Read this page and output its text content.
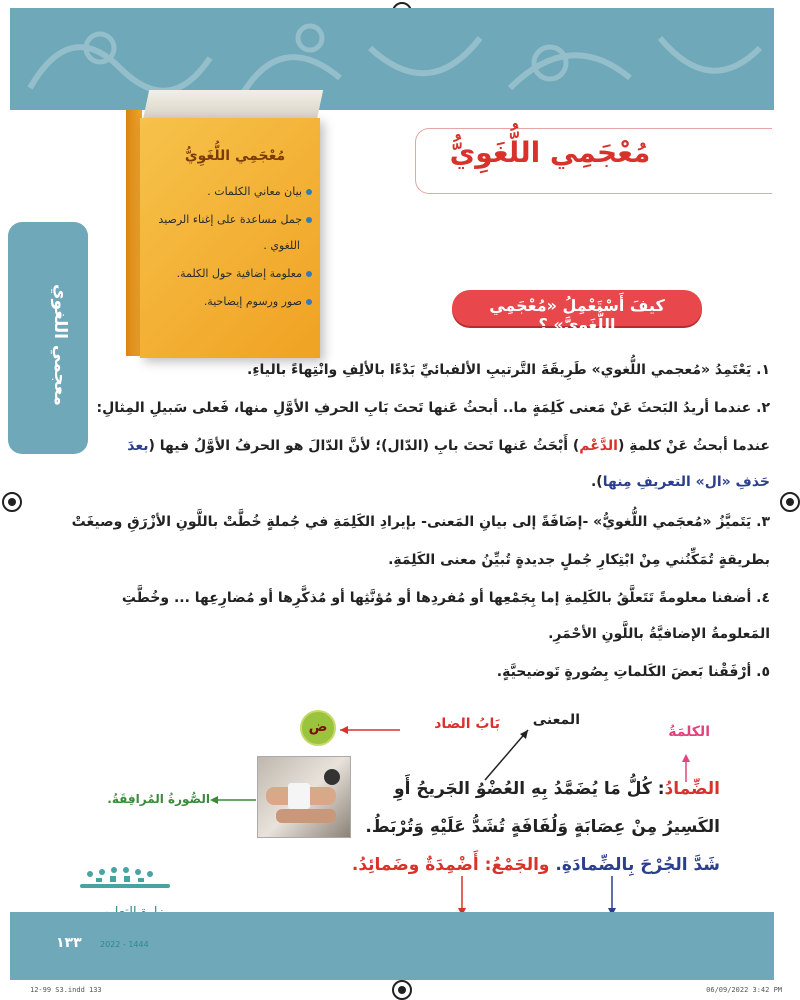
معجمي اللغوي
مُعْجَمِي اللُّغَوِيُّ
بيان معاني الكلمات .
جمل مساعدة على إغناء الرصيد
اللغوي .
معلومة إضافية حول الكلمة.
صور ورسوم إيضاحية.
مُعْجَمِي اللُّغَوِيُّ
كيفَ أَسْتَعْمِلُ «مُعْجَمِي اللُّغَوِيَّ» ؟
١. يَعْتَمِدُ «مُعجمي اللُّغوي» طَرِيقَةَ التَّرتيبِ الألفبائيِّ بَدْءًا بالألِفِ وانْتِهاءً بالياءِ.
٢. عندما أريدُ البَحثَ عَنْ مَعنى كَلِمَةٍ ما.. أبحثُ عَنها تَحتَ بَابِ الحرفِ الأوَّلِ منها، فَعلى سَبيلِ المِثالِ:
عندما أبحثُ عَنْ كلمةِ (الدَّعْم) أَبْحَثُ عَنها تَحتَ بابِ (الدّال)؛ لأنَّ الدّالَ هو الحرفُ الأوَّلُ فيها (بعدَ
حَذفِ «ال» التعريفِ مِنها).
٣. يَتَميَّزُ «مُعجَمي اللُّغويُّ» -إضَافَةً إلى بيانِ المَعنى- بإيرادِ الكَلِمَةِ في جُملةٍ خُطَّتْ باللَّونِ الأزْرَقِ وصيغَتْ
بطريقةٍ تُمَكِّنُني مِنْ ابْتِكارِ جُملٍ جديدةٍ تُبيِّنُ معنى الكَلِمَةِ.
٤. أضفنا معلومةً تَتَعلَّقُ بالكَلِمةِ إما بِجَمْعِها أو مُفردِها أو مُؤنَّثِها أو مُذكَّرِها أو مُضارِعِها ... وخُطَّتِ
المَعلومةُ الإضافيَّةُ باللَّونِ الأحْمَرِ.
٥. أرْفَقْنا بَعضَ الكَلماتِ بِصُورةٍ تَوضيحيَّةٍ.
ض	بَابُ الضاد	المعنى
الكلمَةُ
الصُّورةُ المُرافِقَةُ.	الضِّمادُ: كُلُّ مَا يُضَمَّدُ بِهِ العُضْوُ الجَريحُ أَوِ
الكَسِيرُ مِنْ عِصَابَةٍ وَلُفَافَةٍ تُشَدُّ عَلَيْهِ وَتُرْبَطُ.
شَدَّ الجُرْحَ بِالضِّمادَةِ. والجَمْعُ: أَضْمِدَةٌ وضَمائِدُ.
١٣٣	2022 - 1444
12-99 S3.indd 133	06/09/2022 3:42 PM
